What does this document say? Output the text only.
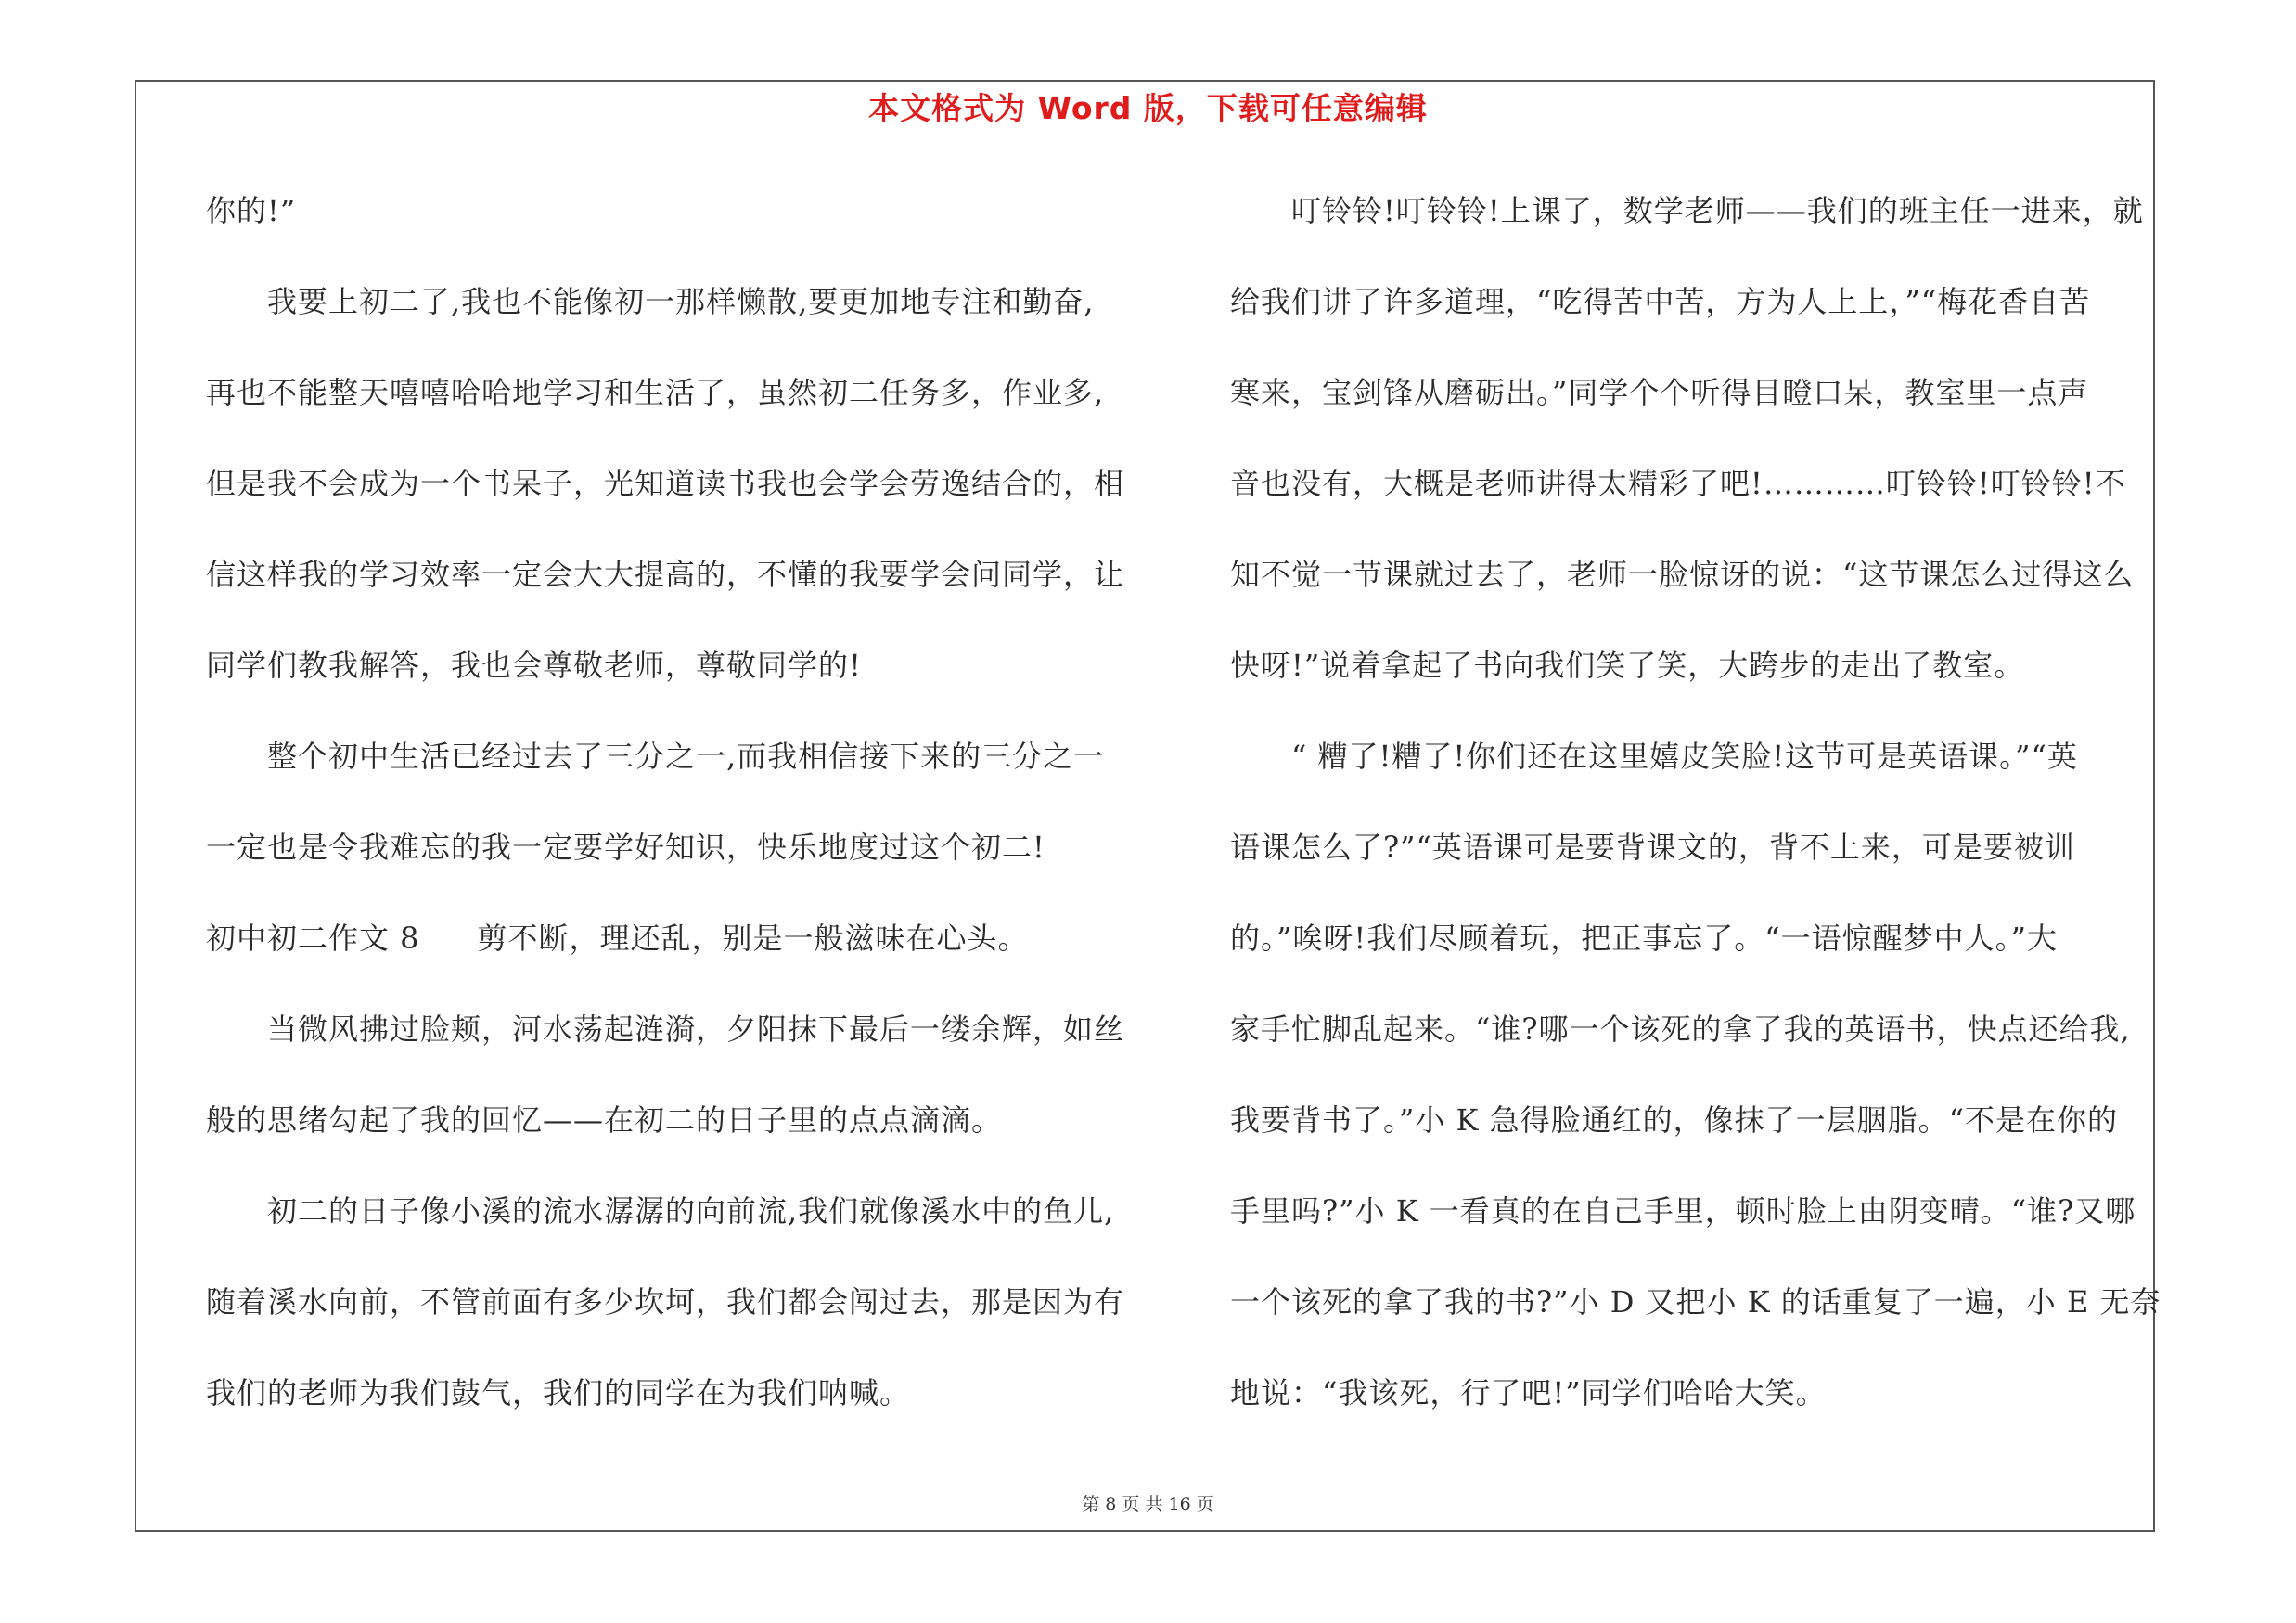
本文格式为 Word 版，下载可任意编辑
你的!”
我要上初二了,我也不能像初一那样懒散,要更加地专注和勤奋,
再也不能整天嘻嘻哈哈地学习和生活了，虽然初二任务多，作业多,
但是我不会成为一个书呆子，光知道读书我也会学会劳逸结合的，相
信这样我的学习效率一定会大大提高的，不懂的我要学会问同学，让
同学们教我解答，我也会尊敬老师，尊敬同学的!
整个初中生活已经过去了三分之一,而我相信接下来的三分之一
一定也是令我难忘的我一定要学好知识，快乐地度过这个初二!
初中初二作文 8 剪不断，理还乱，别是一般滋味在心头。
当微风拂过脸颊，河水荡起涟漪，夕阳抹下最后一缕余辉，如丝
般的思绪勾起了我的回忆——在初二的日子里的点点滴滴。
初二的日子像小溪的流水潺潺的向前流,我们就像溪水中的鱼儿,
随着溪水向前，不管前面有多少坎坷，我们都会闯过去，那是因为有
我们的老师为我们鼓气，我们的同学在为我们呐喊。
叮铃铃!叮铃铃!上课了，数学老师——我们的班主任一进来，就
给我们讲了许多道理，“吃得苦中苦，方为人上上，”“梅花香自苦
寒来，宝剑锋从磨砺出。”同学个个听得目瞪口呆，教室里一点声
音也没有，大概是老师讲得太精彩了吧!…………叮铃铃!叮铃铃!不
知不觉一节课就过去了，老师一脸惊讶的说：“这节课怎么过得这么
快呀!”说着拿起了书向我们笑了笑，大跨步的走出了教室。
“ 糟了!糟了!你们还在这里嬉皮笑脸!这节可是英语课。”“英
语课怎么了?”“英语课可是要背课文的，背不上来，可是要被训
的。”唉呀!我们尽顾着玩，把正事忘了。“一语惊醒梦中人。”大
家手忙脚乱起来。“谁?哪一个该死的拿了我的英语书，快点还给我,
我要背书了。”小 K 急得脸通红的，像抹了一层胭脂。“不是在你的
手里吗?”小 K 一看真的在自己手里，顿时脸上由阴变晴。“谁?又哪
一个该死的拿了我的书?”小 D 又把小 K 的话重复了一遍，小 E 无奈
地说：“我该死，行了吧!”同学们哈哈大笑。
第 8 页 共 16 页
